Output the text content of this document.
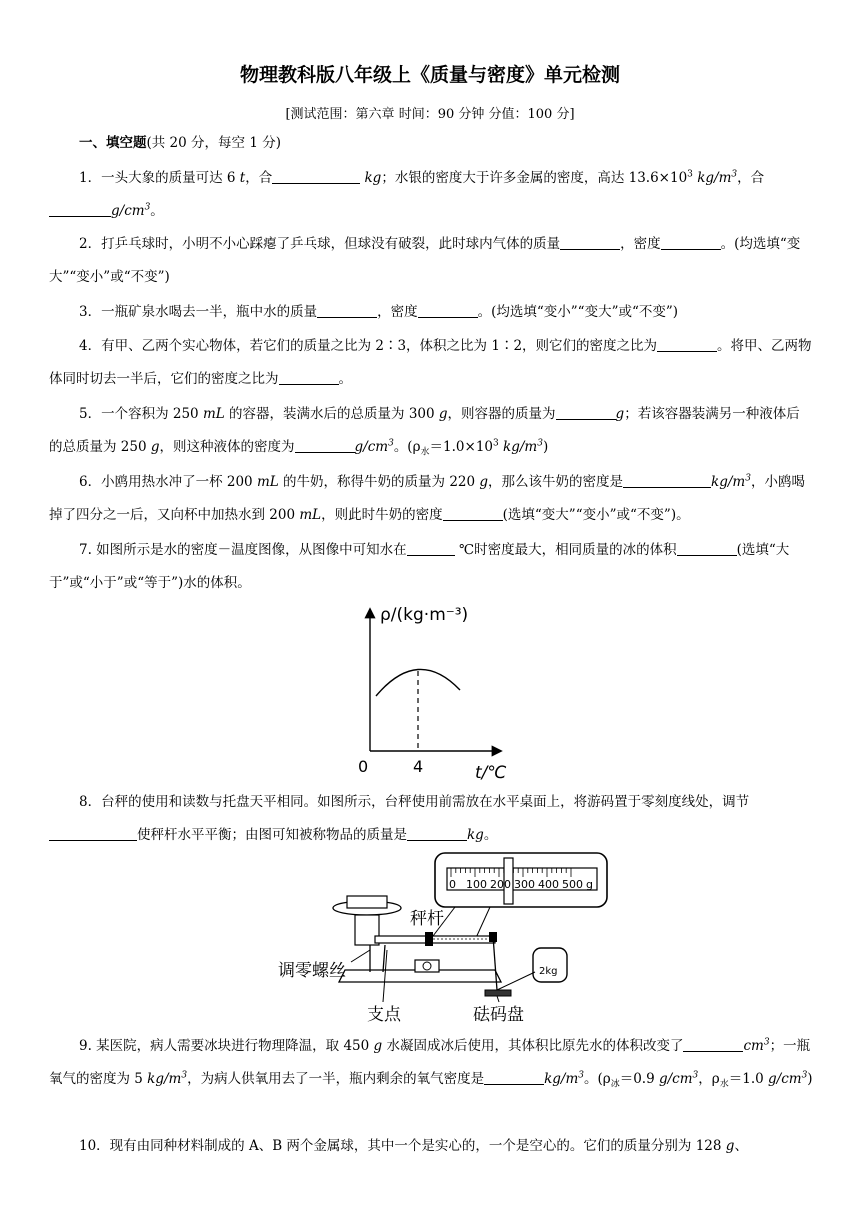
物理教科版八年级上《质量与密度》单元检测
[测试范围：第六章 时间：90 分钟 分值：100 分]
一、填空题(共 20 分，每空 1 分)

1．一头大象的质量可达 6 t，合	kg；水银的密度大于许多金属的密度，高达 $13.6\times 10^3$ $kg/m^3$，合$g/cm^3$。

2．打乒乓球时，小明不小心踩瘪了乒乓球，但球没有破裂，此时球内气体的质量	，密度	。(均选填“变大”“变小”或“不变”)

3．一瓶矿泉水喝去一半，瓶中水的质量	，密度	。(均选填“变小”“变大”或“不变”)

4．有甲、乙两个实心物体，若它们的质量之比为 2∶3，体积之比为 1∶2，则它们的密度之比为	。将甲、乙两物体同时切去一半后，它们的密度之比为	。

5．一个容积为 250 mL 的容器，装满水后的总质量为 300 g，则容器的质量为	g；若该容器装满另一种液体后的总质量为 250 g，则这种液体的密度为	$g/cm^3$。($\rho_水=1.0\times 10^3$ $kg/m^3$)

6．小鸥用热水冲了一杯 200 mL 的牛奶，称得牛奶的质量为 220 g，那么该牛奶的密度是	$kg/m^3$，小鸥喝掉了四分之一后，又向杯中加热水到 200 mL，则此时牛奶的密度	(选填“变大”“变小”或“不变”)。

7. 如图所示是水的密度－温度图像，从图像中可知水在	℃时密度最大，相同质量的冰的体积	(选填“大于”或“小于”或“等于”)水的体积。

ρ/(kg·m⁻³)
0	4	t/℃

8．台秤的使用和读数与托盘天平相同。如图所示，台秤使用前需放在水平桌面上，将游码置于零刻度线处，调节使秤杆水平平衡；由图可知被称物品的质量是	kg。

0 100 200 300 400 500 g
2kg
秤杆
调零螺丝
支点	砝码盘

9. 某医院，病人需要冰块进行物理降温，取 450 g 水凝固成冰后使用，其体积比原先水的体积改变了	$cm^3$；一瓶氧气的密度为 5 $kg/m^3$，为病人供氧用去了一半，瓶内剩余的氧气密度是	$kg/m^3$。($\rho_冰=0.9$ $g/cm^3$，$\rho_水=1.0$ $g/cm^3$)

10．现有由同种材料制成的 A、B 两个金属球，其中一个是实心的，一个是空心的。它们的质量分别为 128 g、
